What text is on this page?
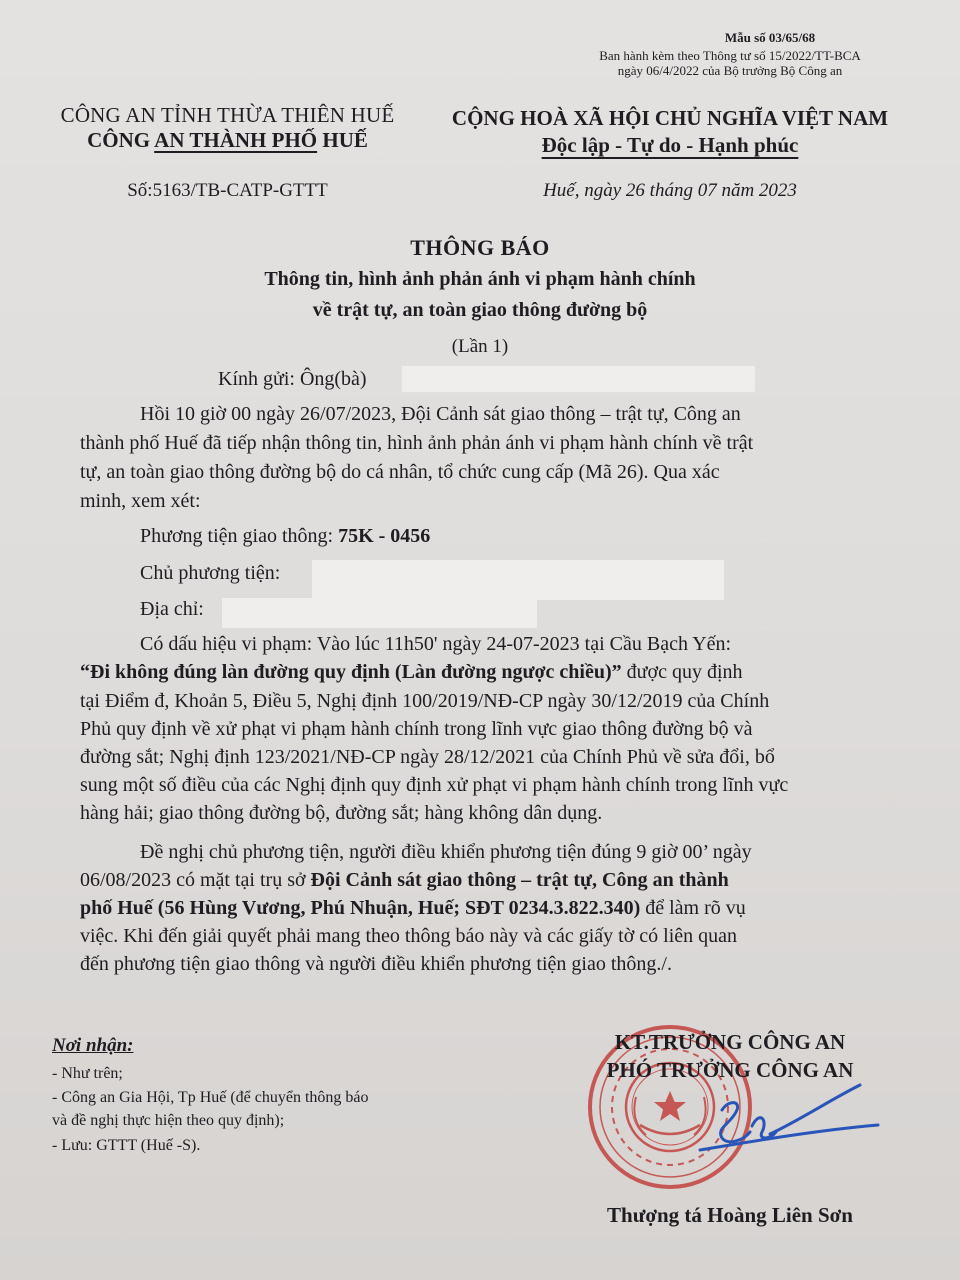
Mẫu số 03/65/68
Ban hành kèm theo Thông tư số 15/2022/TT-BCA
ngày 06/4/2022 của Bộ trưởng Bộ Công an
CÔNG AN TỈNH THỪA THIÊN HUẾ
CÔNG AN THÀNH PHỐ HUẾ
CỘNG HOÀ XÃ HỘI CHỦ NGHĨA VIỆT NAM
Độc lập - Tự do - Hạnh phúc
Số:5163/TB-CATP-GTTT	Huế, ngày 26 tháng 07 năm 2023
THÔNG BÁO
Thông tin, hình ảnh phản ánh vi phạm hành chính
về trật tự, an toàn giao thông đường bộ
(Lần 1)
Kính gửi: Ông(bà)
Hồi 10 giờ 00 ngày 26/07/2023, Đội Cảnh sát giao thông – trật tự, Công an
thành phố Huế đã tiếp nhận thông tin, hình ảnh phản ánh vi phạm hành chính về trật
tự, an toàn giao thông đường bộ do cá nhân, tổ chức cung cấp (Mã 26). Qua xác
minh, xem xét:
Phương tiện giao thông: 75K - 0456
Chủ phương tiện:
Địa chỉ:
Có dấu hiệu vi phạm: Vào lúc 11h50' ngày 24-07-2023 tại Cầu Bạch Yến:
“Đi không đúng làn đường quy định (Làn đường ngược chiều)” được quy định
tại Điểm đ, Khoản 5, Điều 5, Nghị định 100/2019/NĐ-CP ngày 30/12/2019 của Chính
Phủ quy định về xử phạt vi phạm hành chính trong lĩnh vực giao thông đường bộ và
đường sắt; Nghị định 123/2021/NĐ-CP ngày 28/12/2021 của Chính Phủ về sửa đổi, bổ
sung một số điều của các Nghị định quy định xử phạt vi phạm hành chính trong lĩnh vực
hàng hải; giao thông đường bộ, đường sắt; hàng không dân dụng.
Đề nghị chủ phương tiện, người điều khiển phương tiện đúng 9 giờ 00’ ngày
06/08/2023 có mặt tại trụ sở Đội Cảnh sát giao thông – trật tự, Công an thành
phố Huế (56 Hùng Vương, Phú Nhuận, Huế; SĐT 0234.3.822.340) để làm rõ vụ
việc. Khi đến giải quyết phải mang theo thông báo này và các giấy tờ có liên quan
đến phương tiện giao thông và người điều khiển phương tiện giao thông./.
Nơi nhận:
- Như trên;
- Công an Gia Hội, Tp Huế (để chuyển thông báo
và đề nghị thực hiện theo quy định);
- Lưu: GTTT (Huế -S).
KT.TRƯỞNG CÔNG AN
PHÓ TRƯỞNG CÔNG AN
Thượng tá Hoàng Liên Sơn
